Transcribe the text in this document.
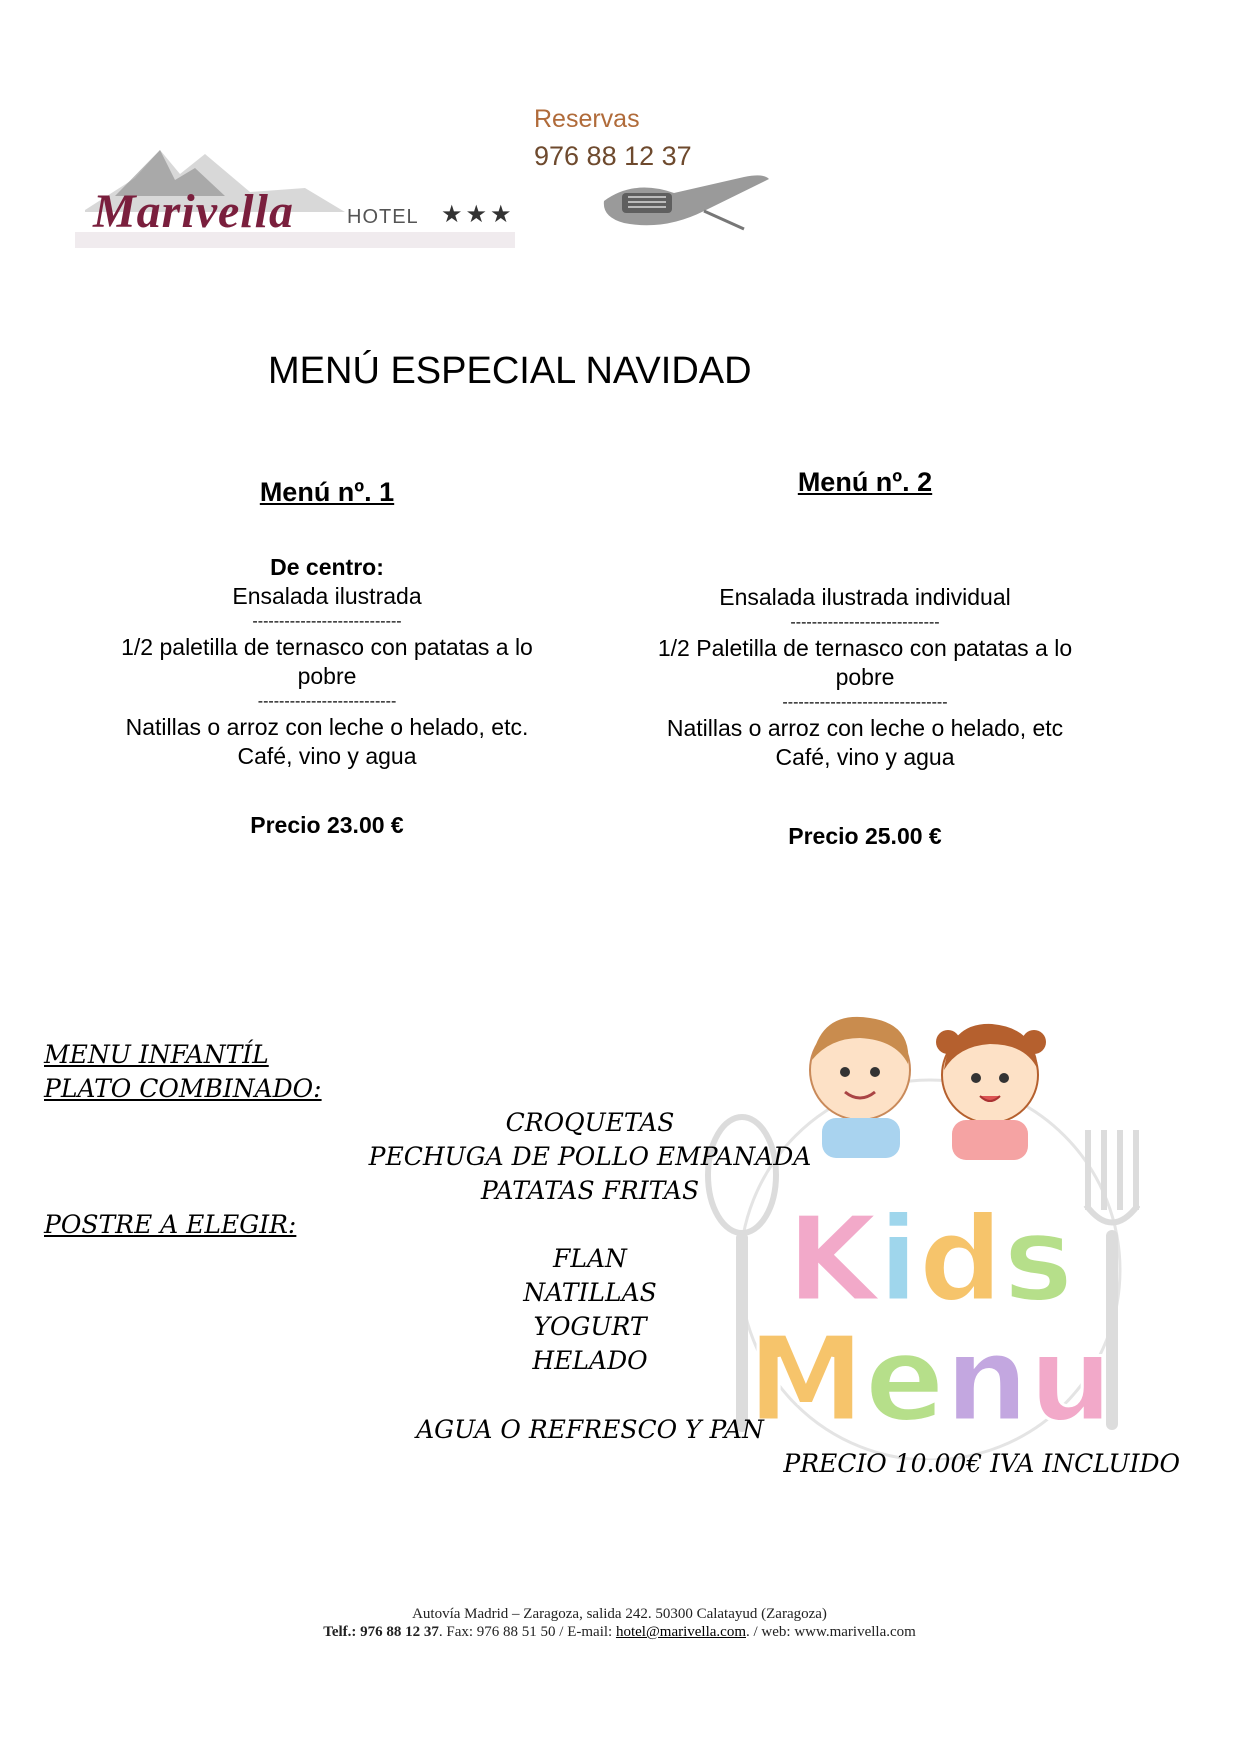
Marivella	HOTEL ★★★
Reservas
976 88 12 37
MENÚ ESPECIAL NAVIDAD
Menú nº. 1
De centro:
Ensalada ilustrada
----------------------------
1/2 paletilla de ternasco con patatas a lo
pobre
--------------------------
Natillas o arroz con leche o helado, etc.
Café, vino y agua
Precio 23.00 €
Menú nº. 2
Ensalada ilustrada individual
----------------------------
1/2 Paletilla de ternasco con patatas a lo
pobre
-------------------------------
Natillas o arroz con leche o helado, etc
Café, vino y agua
Precio 25.00 €
Kids
Menu
MENU INFANTÍL
PLATO COMBINADO:
CROQUETAS
PECHUGA DE POLLO EMPANADA
PATATAS FRITAS
POSTRE A ELEGIR:
FLAN
NATILLAS
YOGURT
HELADO
AGUA O REFRESCO Y PAN
PRECIO 10.00€ IVA INCLUIDO
Autovía Madrid – Zaragoza, salida 242. 50300 Calatayud (Zaragoza)
Telf.: 976 88 12 37. Fax: 976 88 51 50 / E-mail: hotel@marivella.com. / web: www.marivella.com
